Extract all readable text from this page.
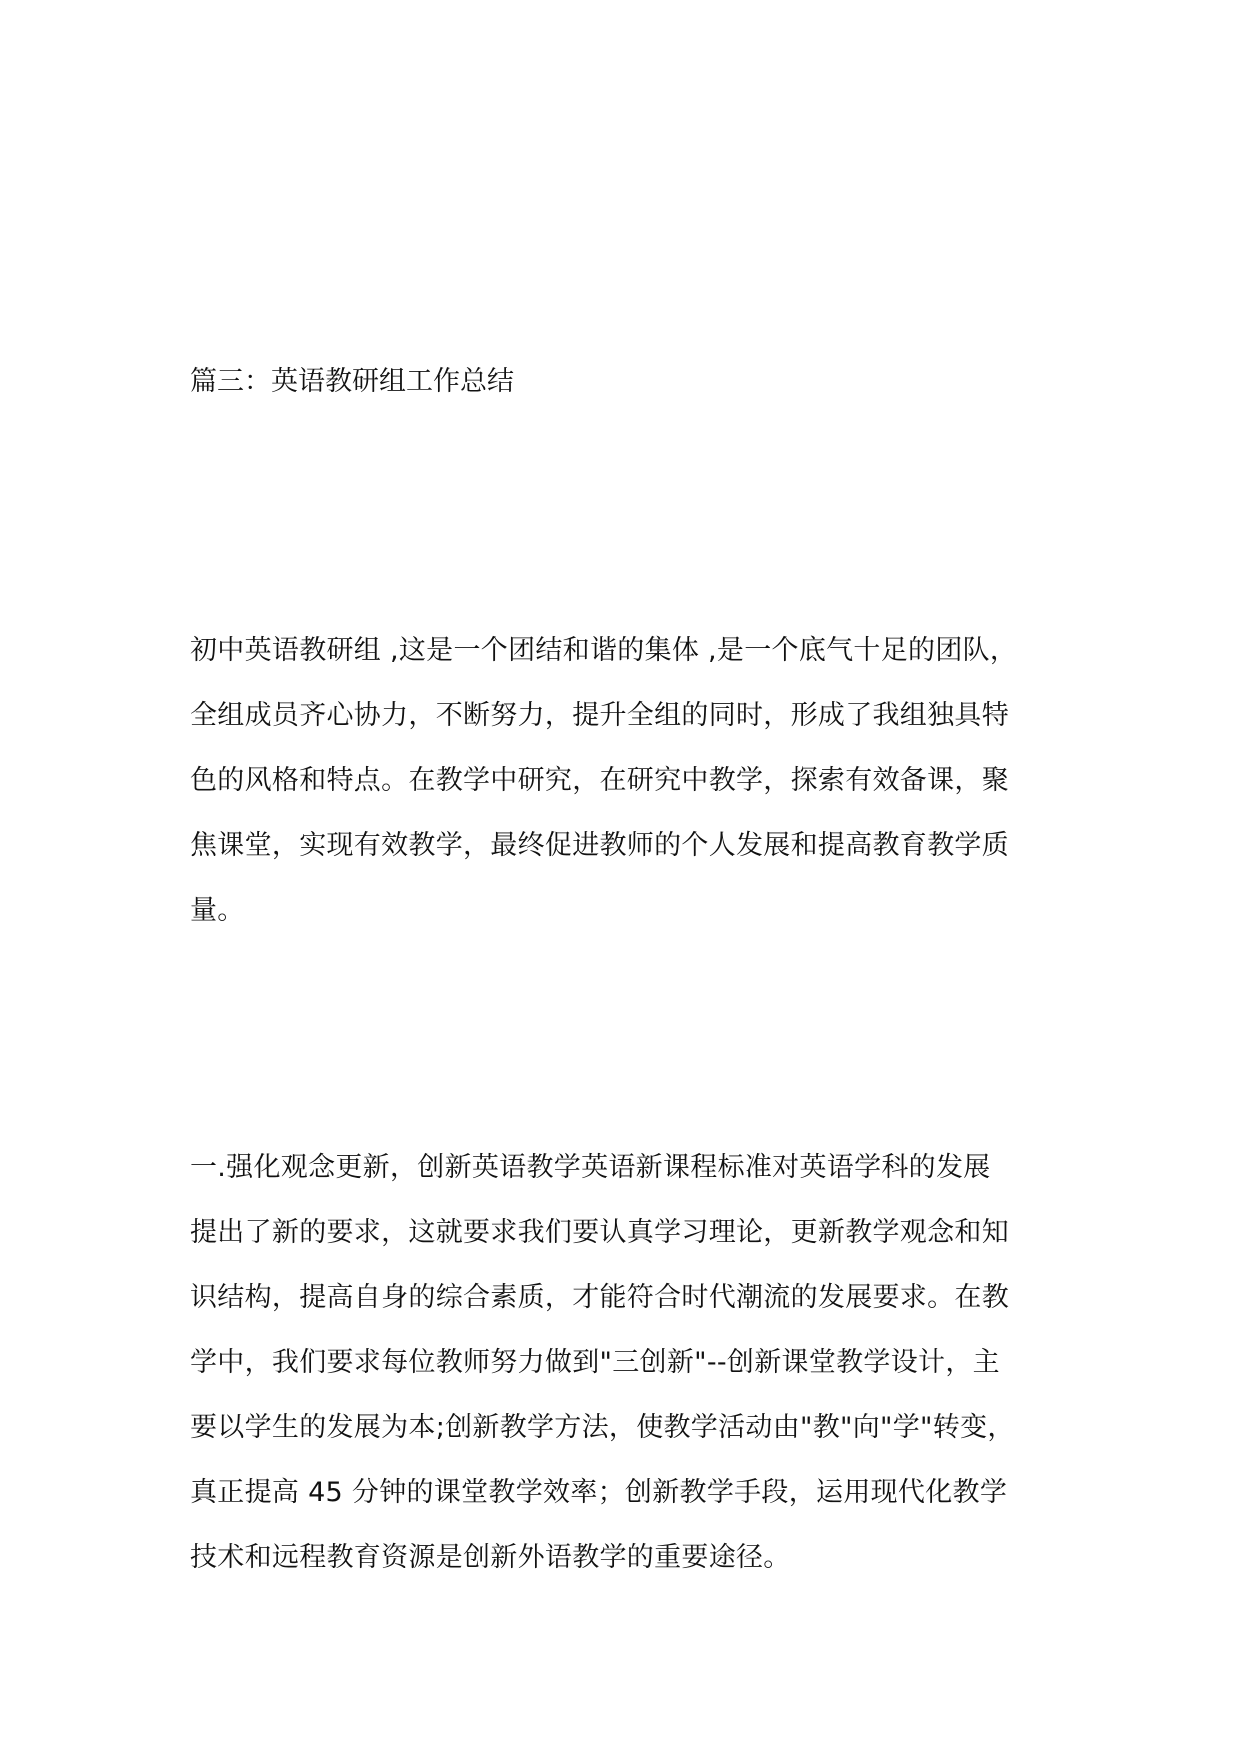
篇三：英语教研组工作总结
初中英语教研组 ,这是一个团结和谐的集体 ,是一个底气十足的团队，
全组成员齐心协力，不断努力，提升全组的同时，形成了我组独具特
色的风格和特点。在教学中研究，在研究中教学，探索有效备课，聚
焦课堂，实现有效教学，最终促进教师的个人发展和提高教育教学质
量。
一.强化观念更新，创新英语教学英语新课程标准对英语学科的发展
提出了新的要求，这就要求我们要认真学习理论，更新教学观念和知
识结构，提高自身的综合素质，才能符合时代潮流的发展要求。在教
学中，我们要求每位教师努力做到"三创新"--创新课堂教学设计，主
要以学生的发展为本;创新教学方法，使教学活动由"教"向"学"转变，
真正提高 45 分钟的课堂教学效率；创新教学手段，运用现代化教学
技术和远程教育资源是创新外语教学的重要途径。
